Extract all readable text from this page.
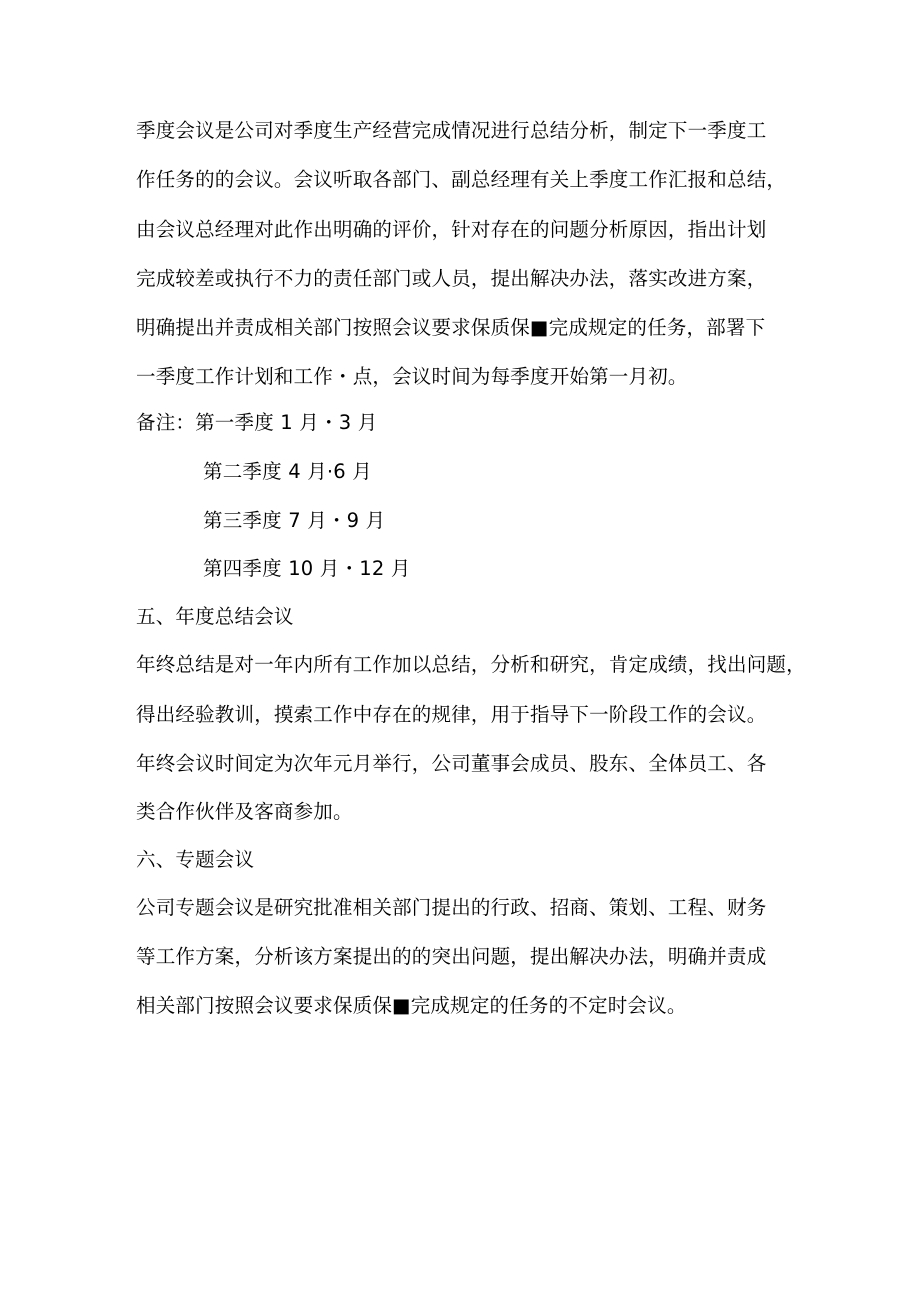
季度会议是公司对季度生产经营完成情况进行总结分析，制定下一季度工
作任务的的会议。会议听取各部门、副总经理有关上季度工作汇报和总结，
由会议总经理对此作出明确的评价，针对存在的问题分析原因，指出计划
完成较差或执行不力的责任部门或人员，提出解决办法，落实改进方案，
明确提出并责成相关部门按照会议要求保质保■完成规定的任务，部署下
一季度工作计划和工作・点，会议时间为每季度开始第一月初。
备注：第一季度 1 月・3 月
第二季度 4 月·6 月
第三季度 7 月・9 月
第四季度 10 月・12 月
五、年度总结会议
年终总结是对一年内所有工作加以总结，分析和研究，肯定成绩，找出问题，
得出经验教训，摸索工作中存在的规律，用于指导下一阶段工作的会议。
年终会议时间定为次年元月举行，公司董事会成员、股东、全体员工、各
类合作伙伴及客商参加。
六、专题会议
公司专题会议是研究批准相关部门提出的行政、招商、策划、工程、财务
等工作方案，分析该方案提出的的突出问题，提出解决办法，明确并责成
相关部门按照会议要求保质保■完成规定的任务的不定时会议。
